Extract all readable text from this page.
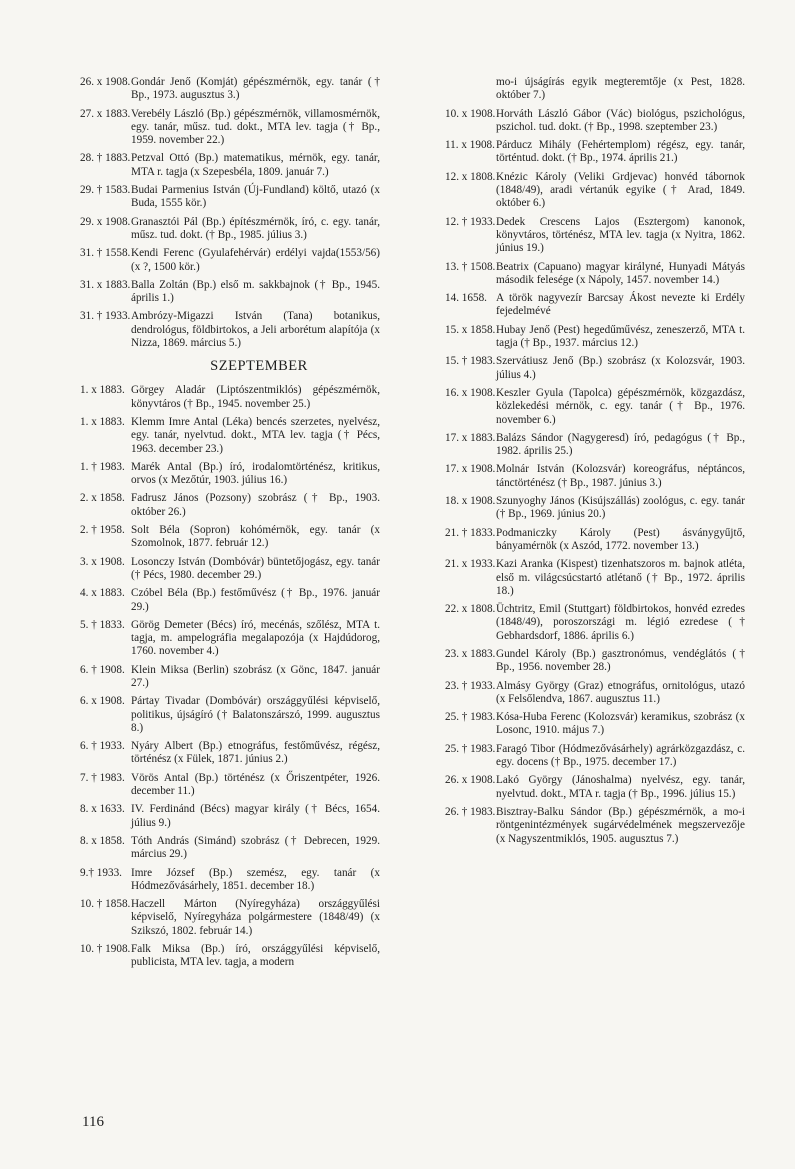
26. x 1908. Gondár Jenő (Komját) gépészmérnök, egy. tanár († Bp., 1973. augusztus 3.)
27. x 1883. Verebély László (Bp.) gépészmérnök, villamosmérnök, egy. tanár, műsz. tud. dokt., MTA lev. tagja († Bp., 1959. november 22.)
28. † 1883. Petzval Ottó (Bp.) matematikus, mérnök, egy. tanár, MTA r. tagja (x Szepesbéla, 1809. január 7.)
29. † 1583. Budai Parmenius István (Új-Fundland) költő, utazó (x Buda, 1555 kör.)
29. x 1908. Granasztói Pál (Bp.) építészmérnök, író, c. egy. tanár, műsz. tud. dokt. († Bp., 1985. július 3.)
31. † 1558. Kendi Ferenc (Gyulafehérvár) erdélyi vajda(1553/56) (x ?, 1500 kör.)
31. x 1883. Balla Zoltán (Bp.) első m. sakkbajnok († Bp., 1945. április 1.)
31. † 1933. Ambrózy-Migazzi István (Tana) botanikus, dendrológus, földbirtokos, a Jeli arborétum alapítója (x Nizza, 1869. március 5.)
SZEPTEMBER
1. x 1883. Görgey Aladár (Liptószentmiklós) gépészmérnök, könyvtáros († Bp., 1945. november 25.)
1. x 1883. Klemm Imre Antal (Léka) bencés szerzetes, nyelvész, egy. tanár, nyelvtud. dokt., MTA lev. tagja († Pécs, 1963. december 23.)
1. † 1983. Marék Antal (Bp.) író, irodalomtörténész, kritikus, orvos (x Mezőtúr, 1903. július 16.)
2. x 1858. Fadrusz János (Pozsony) szobrász († Bp., 1903. október 26.)
2. † 1958. Solt Béla (Sopron) kohómérnök, egy. tanár (x Szomolnok, 1877. február 12.)
3. x 1908. Losonczy István (Dombóvár) büntetőjogász, egy. tanár († Pécs, 1980. december 29.)
4. x 1883. Czóbel Béla (Bp.) festőművész († Bp., 1976. január 29.)
5. † 1833. Görög Demeter (Bécs) író, mecénás, szőlész, MTA t. tagja, m. ampelográfia megalapozója (x Hajdúdorog, 1760. november 4.)
6. † 1908. Klein Miksa (Berlin) szobrász (x Gönc, 1847. január 27.)
6. x 1908. Pártay Tivadar (Dombóvár) országgyűlési képviselő, politikus, újságíró († Balatonszárszó, 1999. augusztus 8.)
6. † 1933. Nyáry Albert (Bp.) etnográfus, festőművész, régész, történész (x Fülek, 1871. június 2.)
7. † 1983. Vörös Antal (Bp.) történész (x Őriszentpéter, 1926. december 11.)
8. x 1633. IV. Ferdinánd (Bécs) magyar király († Bécs, 1654. július 9.)
8. x 1858. Tóth András (Simánd) szobrász († Debrecen, 1929. március 29.)
9.† 1933. Imre József (Bp.) szemész, egy. tanár (x Hódmezővásárhely, 1851. december 18.)
10. † 1858. Haczell Márton (Nyíregyháza) országgyűlési képviselő, Nyíregyháza polgármestere (1848/49) (x Szikszó, 1802. február 14.)
10. † 1908. Falk Miksa (Bp.) író, országgyűlési képviselő, publicista, MTA lev. tagja, a modern
mo-i újságírás egyik megteremtője (x Pest, 1828. október 7.)
10. x 1908. Horváth László Gábor (Vác) biológus, pszichológus, pszichol. tud. dokt. († Bp., 1998. szeptember 23.)
11. x 1908. Párducz Mihály (Fehértemplom) régész, egy. tanár, történtud. dokt. († Bp., 1974. április 21.)
12. x 1808. Knézic Károly (Veliki Grdjevac) honvéd tábornok (1848/49), aradi vértanúk egyike († Arad, 1849. október 6.)
12. † 1933. Dedek Crescens Lajos (Esztergom) kanonok, könyvtáros, történész, MTA lev. tagja (x Nyitra, 1862. június 19.)
13. † 1508. Beatrix (Capuano) magyar királyné, Hunyadi Mátyás második felesége (x Nápoly, 1457. november 14.)
14. 1658. A török nagyvezír Barcsay Ákost nevezte ki Erdély fejedelmévé
15. x 1858. Hubay Jenő (Pest) hegedűművész, zeneszerző, MTA t. tagja († Bp., 1937. március 12.)
15. † 1983. Szervátiusz Jenő (Bp.) szobrász (x Kolozsvár, 1903. július 4.)
16. x 1908. Keszler Gyula (Tapolca) gépészmérnök, közgazdász, közlekedési mérnök, c. egy. tanár († Bp., 1976. november 6.)
17. x 1883. Balázs Sándor (Nagygeresd) író, pedagógus († Bp., 1982. április 25.)
17. x 1908. Molnár István (Kolozsvár) koreográfus, néptáncos, tánctörténész († Bp., 1987. június 3.)
18. x 1908. Szunyoghy János (Kisújszállás) zoológus, c. egy. tanár († Bp., 1969. június 20.)
21. † 1833. Podmaniczky Károly (Pest) ásványgyűjtő, bányamérnök (x Aszód, 1772. november 13.)
21. x 1933. Kazi Aranka (Kispest) tizenhatszoros m. bajnok atléta, első m. világcsúcstartó atlétanő († Bp., 1972. április 18.)
22. x 1808. Üchtritz, Emil (Stuttgart) földbirtokos, honvéd ezredes (1848/49), poroszországi m. légió ezredese († Gebhardsdorf, 1886. április 6.)
23. x 1883. Gundel Károly (Bp.) gasztronómus, vendéglátós († Bp., 1956. november 28.)
23. † 1933. Almásy György (Graz) etnográfus, ornitológus, utazó (x Felsőlendva, 1867. augusztus 11.)
25. † 1983. Kósa-Huba Ferenc (Kolozsvár) keramikus, szobrász (x Losonc, 1910. május 7.)
25. † 1983. Faragó Tibor (Hódmezővásárhely) agrárközgazdász, c. egy. docens († Bp., 1975. december 17.)
26. x 1908. Lakó György (Jánoshalma) nyelvész, egy. tanár, nyelvtud. dokt., MTA r. tagja († Bp., 1996. július 15.)
26. † 1983. Bisztray-Balku Sándor (Bp.) gépészmérnök, a mo-i röntgenintézmények sugárvédelmének megszervezője (x Nagyszentmiklós, 1905. augusztus 7.)
116
